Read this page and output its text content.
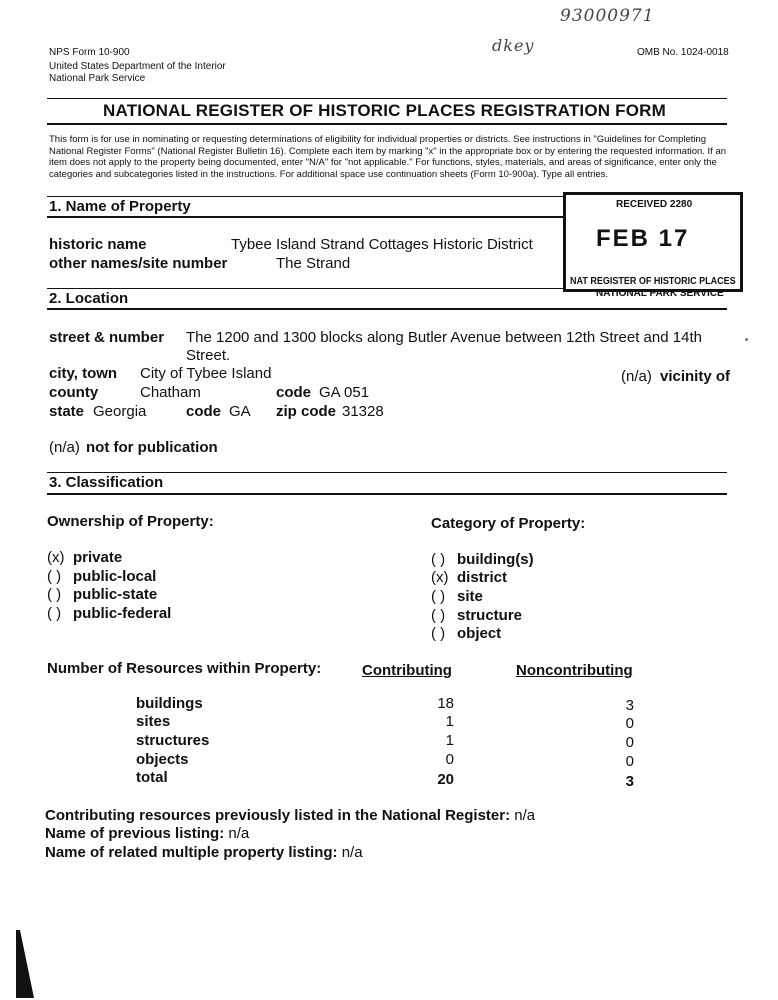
93000971
dkey
NPS Form 10-900
United States Department of the Interior
National Park Service
OMB No. 1024-0018
NATIONAL REGISTER OF HISTORIC PLACES REGISTRATION FORM
This form is for use in nominating or requesting determinations of eligibility for individual properties or districts. See instructions in "Guidelines for Completing National Register Forms" (National Register Bulletin 16). Complete each item by marking "x" in the appropriate box or by entering the requested information. If an item does not apply to the property being documented, enter "N/A" for "not applicable." For functions, styles, materials, and areas of significance, enter only the categories and subcategories listed in the instructions. For additional space use continuation sheets (Form 10-900a). Type all entries.
RECEIVED 2280
FEB 17
NAT REGISTER OF HISTORIC PLACES
NATIONAL PARK SERVICE
1. Name of Property
historic name	Tybee Island Strand Cottages Historic District
other names/site number	The Strand
2. Location
street & number The 1200 and 1300 blocks along Butler Avenue between 12th Street and 14th
Street.
city, town City of Tybee Island	(n/a) vicinity of
county	Chatham	code GA 051
state Georgia	code GA zip code 31328
(n/a) not for publication
3. Classification
Ownership of Property:	Category of Property:
(x) private
( ) public-local
( ) public-state
( ) public-federal
( ) building(s)
(x) district
( ) site
( ) structure
( ) object
Number of Resources within Property:	Contributing	Noncontributing
buildings	18	3
sites	1	0
structures	1	0
objects	0	0
total	20	3
Contributing resources previously listed in the National Register: n/a
Name of previous listing: n/a
Name of related multiple property listing: n/a
